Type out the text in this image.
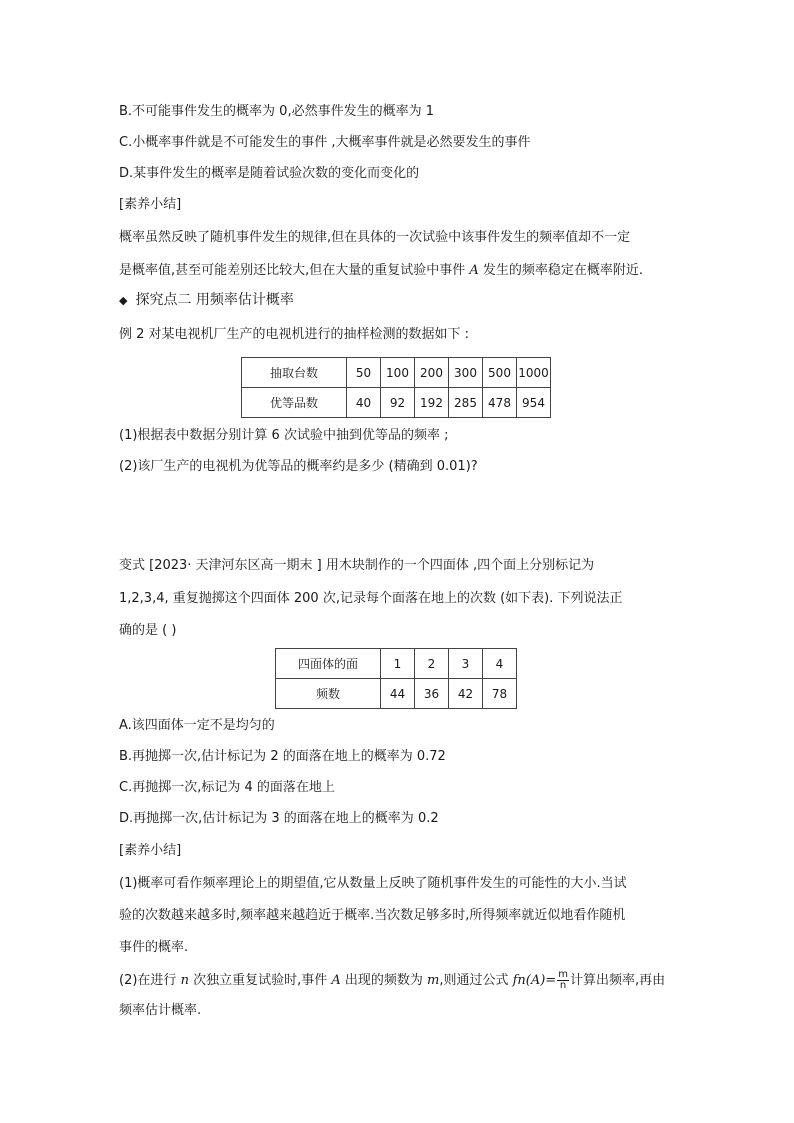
B.不可能事件发生的概率为 0,必然事件发生的概率为 1
C.小概率事件就是不可能发生的事件 ,大概率事件就是必然要发生的事件
D.某事件发生的概率是随着试验次数的变化而变化的
[素养小结]
概率虽然反映了随机事件发生的规律,但在具体的一次试验中该事件发生的频率值却不一定
是概率值,甚至可能差别还比较大,但在大量的重复试验中事件 A 发生的频率稳定在概率附近.
◆ 探究点二 用频率估计概率
例 2 对某电视机厂生产的电视机进行的抽样检测的数据如下 :
抽取台数	50	100	200	300	500	1000
优等品数	40	92	192	285	478	954
(1)根据表中数据分别计算 6 次试验中抽到优等品的频率 ;
(2)该厂生产的电视机为优等品的概率约是多少 (精确到 0.01)?
变式 [2023· 天津河东区高一期末 ] 用木块制作的一个四面体 ,四个面上分别标记为
1,2,3,4, 重复抛掷这个四面体 200 次,记录每个面落在地上的次数 (如下表). 下列说法正
确的是 ( )
四面体的面	1	2	3	4
频数	44	36	42	78
A.该四面体一定不是均匀的
B.再抛掷一次,估计标记为 2 的面落在地上的概率为 0.72
C.再抛掷一次,标记为 4 的面落在地上
D.再抛掷一次,估计标记为 3 的面落在地上的概率为 0.2
[素养小结]
(1)概率可看作频率理论上的期望值,它从数量上反映了随机事件发生的可能性的大小.当试
验的次数越来越多时,频率越来越趋近于概率.当次数足够多时,所得频率就近似地看作随机
事件的概率.
(2)在进行 n 次独立重复试验时,事件 A 出现的频数为 m,则通过公式 $fn(A)= \frac{m}{n}$ 计算出频率,再由
频率估计概率.
